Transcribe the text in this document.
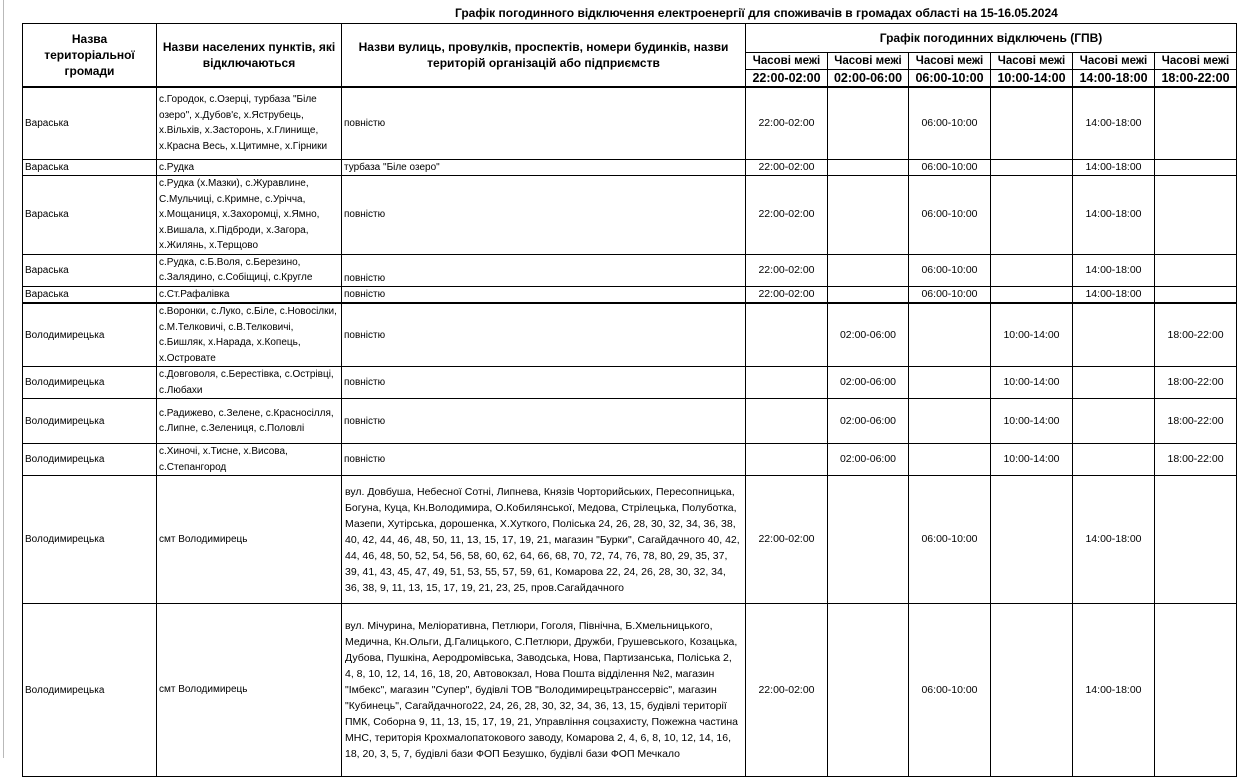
Графік погодинного відключення електроенергії для споживачів в громадах області на 15-16.05.2024
Назва територіальної громади	Назви населених пунктів, які відключаються	Назви вулиць, провулків, проспектів, номери будинків, назви територій організацій або підприємств	Графік погодинних відключень (ГПВ)					
			Часові межі	Часові межі	Часові межі	Часові межі	Часові межі	Часові межі
			22:00-02:00	02:00-06:00	06:00-10:00	10:00-14:00	14:00-18:00	18:00-22:00
Вараська	с.Городок, с.Озерці, турбаза "Біле озеро", х.Дубов'є, х.Яструбець, х.Вільхів, х.Засторонь, х.Глинище, х.Красна Весь, х.Цитимне, х.Гірники	повністю	22:00-02:00		06:00-10:00		14:00-18:00	
Вараська	с.Рудка	турбаза "Біле озеро"	22:00-02:00		06:00-10:00		14:00-18:00	
Вараська	с.Рудка (х.Мазки), с.Журавлине, С.Мульчиці, с.Кримне, с.Урічча, х.Мощаниця, х.Захоромці, х.Ямно, х.Вишала, х.Підброди, х.Загора, х.Жилянь, х.Терщово	повністю	22:00-02:00		06:00-10:00		14:00-18:00	
Вараська	с.Рудка, с.Б.Воля, с.Березино, с.Залядино, с.Собіщиці, с.Кругле	повністю	22:00-02:00		06:00-10:00		14:00-18:00	
Вараська	с.Ст.Рафалівка	повністю	22:00-02:00		06:00-10:00		14:00-18:00	
Володимирецька	с.Воронки, с.Луко, с.Біле, с.Новосілки, с.М.Телковичі, с.В.Телковичі, с.Бишляк, х.Нарада, х.Копець, х.Островате	повністю		02:00-06:00		10:00-14:00		18:00-22:00
Володимирецька	с.Довговоля, с.Берестівка, с.Острівці, с.Любахи	повністю		02:00-06:00		10:00-14:00		18:00-22:00
Володимирецька	с.Радижево, с.Зелене, с.Красносілля, с.Липне, с.Зелениця, с.Половлі	повністю		02:00-06:00		10:00-14:00		18:00-22:00
Володимирецька	с.Хиночі, х.Тисне, х.Висова, с.Степангород	повністю		02:00-06:00		10:00-14:00		18:00-22:00
Володимирецька	смт Володимирець	вул. Довбуша, Небесної Сотні, Липнева, Князів Чорторийських, Пересопницька, Богуна, Куца, Кн.Володимира, О.Кобилянської, Медова, Стрілецька, Полуботка, Мазепи, Хутірська, дорошенка, Х.Хуткого, Поліська 24, 26, 28, 30, 32, 34, 36, 38, 40, 42, 44, 46, 48, 50, 11, 13, 15, 17, 19, 21, магазин "Бурки", Сагайдачного 40, 42, 44, 46, 48, 50, 52, 54, 56, 58, 60, 62, 64, 66, 68, 70, 72, 74, 76, 78, 80, 29, 35, 37, 39, 41, 43, 45, 47, 49, 51, 53, 55, 57, 59, 61, Комарова 22, 24, 26, 28, 30, 32, 34, 36, 38, 9, 11, 13, 15, 17, 19, 21, 23, 25, пров.Сагайдачного	22:00-02:00		06:00-10:00		14:00-18:00	
Володимирецька	смт Володимирець	вул. Мічурина, Меліоративна, Петлюри, Гоголя, Північна, Б.Хмельницького, Медична, Кн.Ольги, Д.Галицького, С.Петлюри, Дружби, Грушевського, Козацька, Дубова, Пушкіна, Аеродромівська, Заводська, Нова, Партизанська, Поліська 2, 4, 8, 10, 12, 14, 16, 18, 20, Автовокзал, Нова Пошта відділення №2, магазин "Імбекс", магазин "Супер", будівлі ТОВ "Володимирецьтранссервіс", магазин "Кубинець", Сагайдачного22, 24, 26, 28, 30, 32, 34, 36, 13, 15, будівлі території ПМК, Соборна 9, 11, 13, 15, 17, 19, 21, Управління соцзахисту, Пожежна частина МНС, територія Крохмалопатокового заводу, Комарова 2, 4, 6, 8, 10, 12, 14, 16, 18, 20, 3, 5, 7, будівлі бази ФОП Безушко, будівлі бази ФОП Мечкало	22:00-02:00		06:00-10:00		14:00-18:00	
